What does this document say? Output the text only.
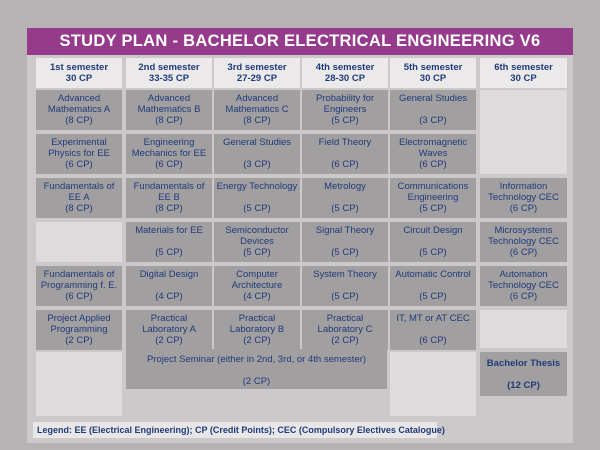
STUDY PLAN - BACHELOR ELECTRICAL ENGINEERING V6
1st semester
30 CP
2nd semester
33-35 CP
3rd semester
27-29 CP
4th semester
28-30 CP
5th semester
30 CP
6th semester
30 CP
Advanced Mathematics A
(8 CP)
Experimental Physics for EE
(6 CP)
Fundamentals of EE A
(8 CP)
Fundamentals of Programming f. E.
(6 CP)
Project Applied Programming
(2 CP)
Advanced Mathematics B
(8 CP)
Engineering Mechanics for EE
(6 CP)
Fundamentals of EE B
(8 CP)
Materials for EE
(5 CP)
Digital Design
(4 CP)
Practical Laboratory A
(2 CP)
Advanced Mathematics C
(8 CP)
General Studies
(3 CP)
Energy Technology
(5 CP)
Semiconductor Devices
(5 CP)
Computer Architecture
(4 CP)
Practical Laboratory B
(2 CP)
Probability for Engineers
(5 CP)
Field Theory
(6 CP)
Metrology
(5 CP)
Signal Theory
(5 CP)
System Theory
(5 CP)
Practical Laboratory C
(2 CP)
General Studies
(3 CP)
Electromagnetic Waves
(6 CP)
Communications Engineering
(5 CP)
Circuit Design
(5 CP)
Automatic Control
(5 CP)
IT, MT or AT CEC
(6 CP)
Information Technology CEC
(6 CP)
Microsystems Technology CEC
(6 CP)
Automation Technology CEC
(6 CP)
Project Seminar (either in 2nd, 3rd, or 4th semester)
(2 CP)
Bachelor Thesis
(12 CP)
Legend: EE (Electrical Engineering); CP (Credit Points); CEC (Compulsory Electives Catalogue)
